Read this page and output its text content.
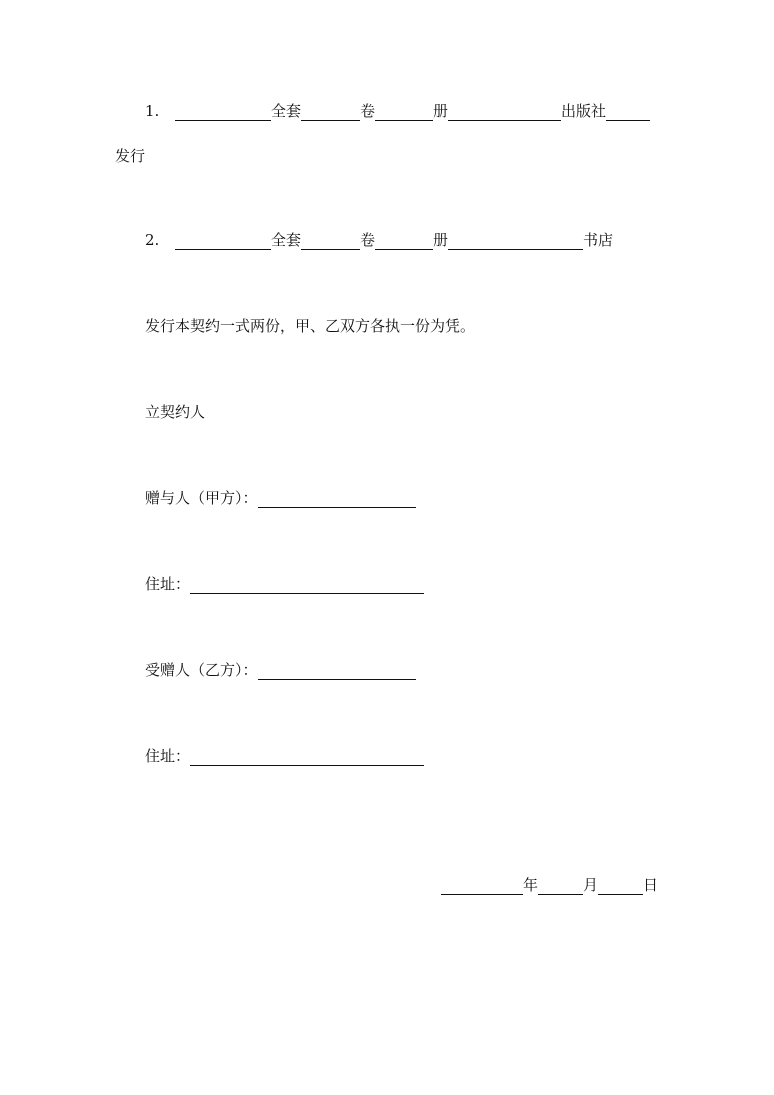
1.	全套	卷	册	出版社
发行
2.	全套	卷	册	书店
发行本契约一式两份，甲、乙双方各执一份为凭。
立契约人
赠与人（甲方）：
住址：
受赠人（乙方）：
住址：
年	月	日
